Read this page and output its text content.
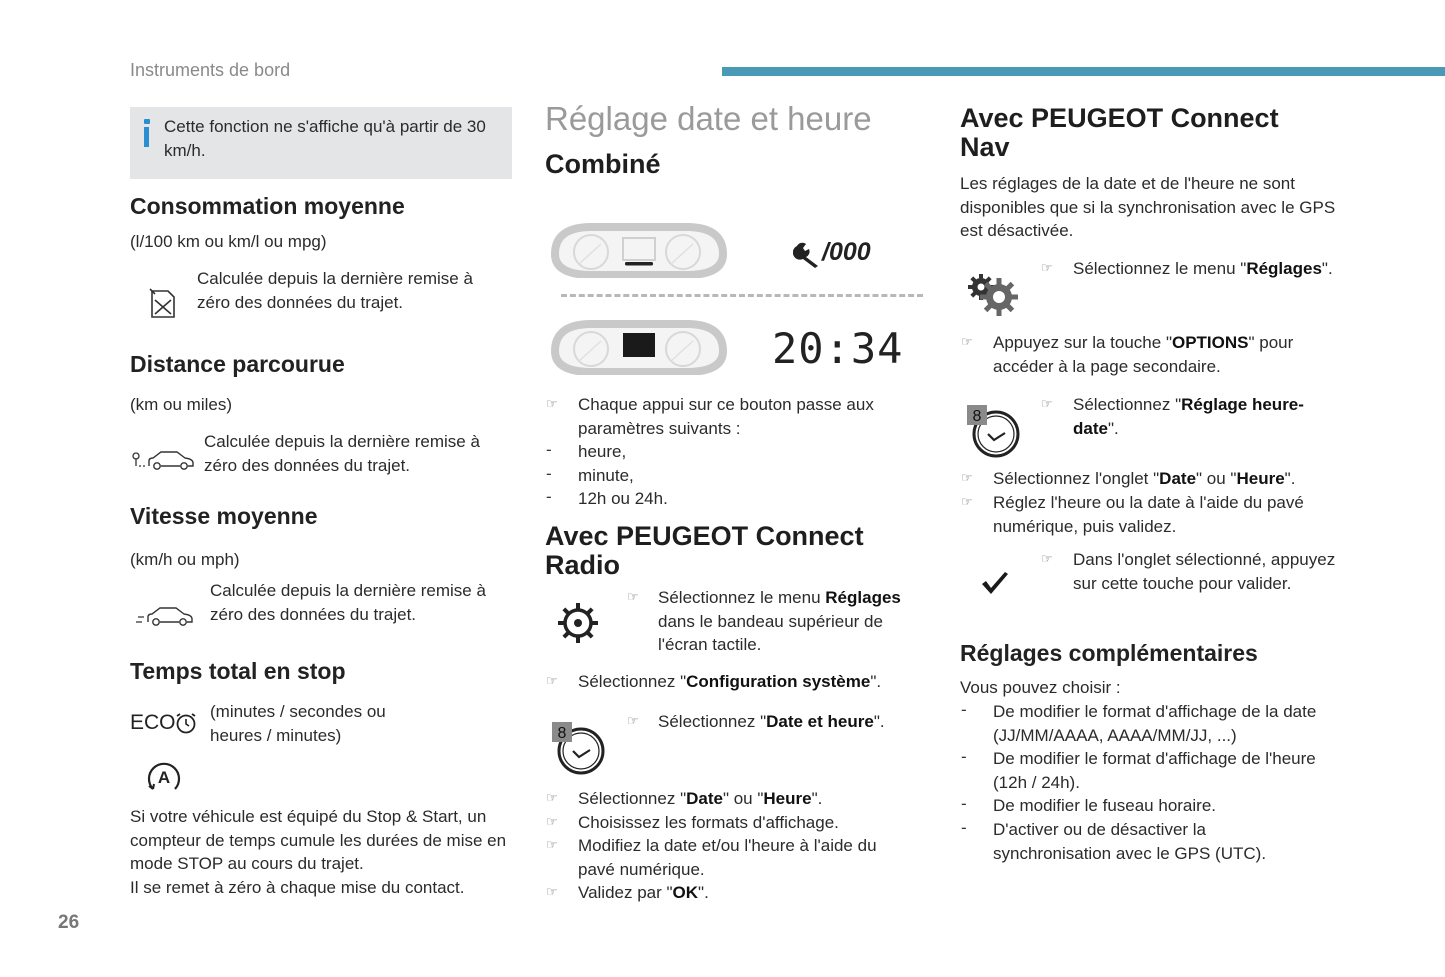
Instruments de bord
Cette fonction ne s'affiche qu'à partir de 30 km/h.
Consommation moyenne
(l/100 km ou km/l ou mpg)
Calculée depuis la dernière remise à zéro des données du trajet.
Distance parcourue
(km ou miles)
Calculée depuis la dernière remise à zéro des données du trajet.
Vitesse moyenne
(km/h ou mph)
Calculée depuis la dernière remise à zéro des données du trajet.
Temps total en stop
ECO (minutes / secondes ou heures / minutes)
A
Si votre véhicule est équipé du Stop & Start, un compteur de temps cumule les durées de mise en mode STOP au cours du trajet.
Il se remet à zéro à chaque mise du contact.
Réglage date et heure
Combiné
/000
20:34
☞ Chaque appui sur ce bouton passe aux paramètres suivants :
- heure,
- minute,
- 12h ou 24h.
Avec PEUGEOT Connect
Radio
☞ Sélectionnez le menu Réglages dans le bandeau supérieur de l'écran tactile.
☞ Sélectionnez "Configuration système".
8
☞ Sélectionnez "Date et heure".
☞ Sélectionnez "Date" ou "Heure".
☞ Choisissez les formats d'affichage.
☞ Modifiez la date et/ou l'heure à l'aide du pavé numérique.
☞ Validez par "OK".
Avec PEUGEOT Connect
Nav
Les réglages de la date et de l'heure ne sont disponibles que si la synchronisation avec le GPS est désactivée.
☞ Sélectionnez le menu "Réglages".
☞ Appuyez sur la touche "OPTIONS" pour accéder à la page secondaire.
8
☞ Sélectionnez "Réglage heure-date".
☞ Sélectionnez l'onglet "Date" ou "Heure".
☞ Réglez l'heure ou la date à l'aide du pavé numérique, puis validez.
☞ Dans l'onglet sélectionné, appuyez sur cette touche pour valider.
Réglages complémentaires
Vous pouvez choisir :
- De modifier le format d'affichage de la date (JJ/MM/AAAA, AAAA/MM/JJ, ...)
- De modifier le format d'affichage de l'heure (12h / 24h).
- De modifier le fuseau horaire.
- D'activer ou de désactiver la synchronisation avec le GPS (UTC).
26
